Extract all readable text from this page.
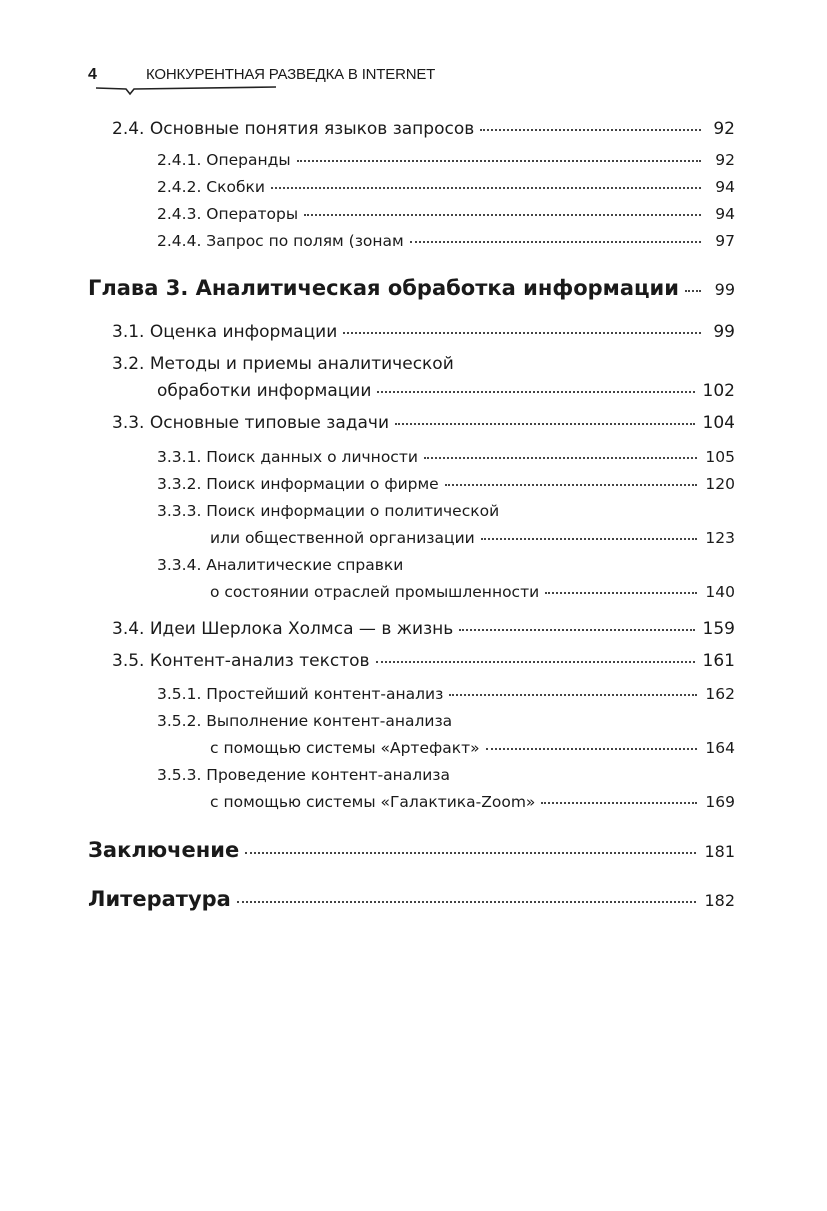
4	КОНКУРЕНТНАЯ РАЗВЕДКА В INTERNET
2.4. Основные понятия языков запросов	92
2.4.1. Операнды	92
2.4.2. Скобки	94
2.4.3. Операторы	94
2.4.4. Запрос по полям (зонам	97
Глава 3. Аналитическая обработка информации	99
3.1. Оценка информации	99
3.2. Методы и приемы аналитической
обработки информации	102
3.3. Основные типовые задачи	104
3.3.1. Поиск данных о личности	105
3.3.2. Поиск информации о фирме	120
3.3.3. Поиск информации о политической
или общественной организации	123
3.3.4. Аналитические справки
о состоянии отраслей промышленности	140
3.4. Идеи Шерлока Холмса — в жизнь	159
3.5. Контент-анализ текстов	161
3.5.1. Простейший контент-анализ	162
3.5.2. Выполнение контент-анализа
с помощью системы «Артефакт»	164
3.5.3. Проведение контент-анализа
с помощью системы «Галактика-Zoom»	169
Заключение	181
Литература	182
